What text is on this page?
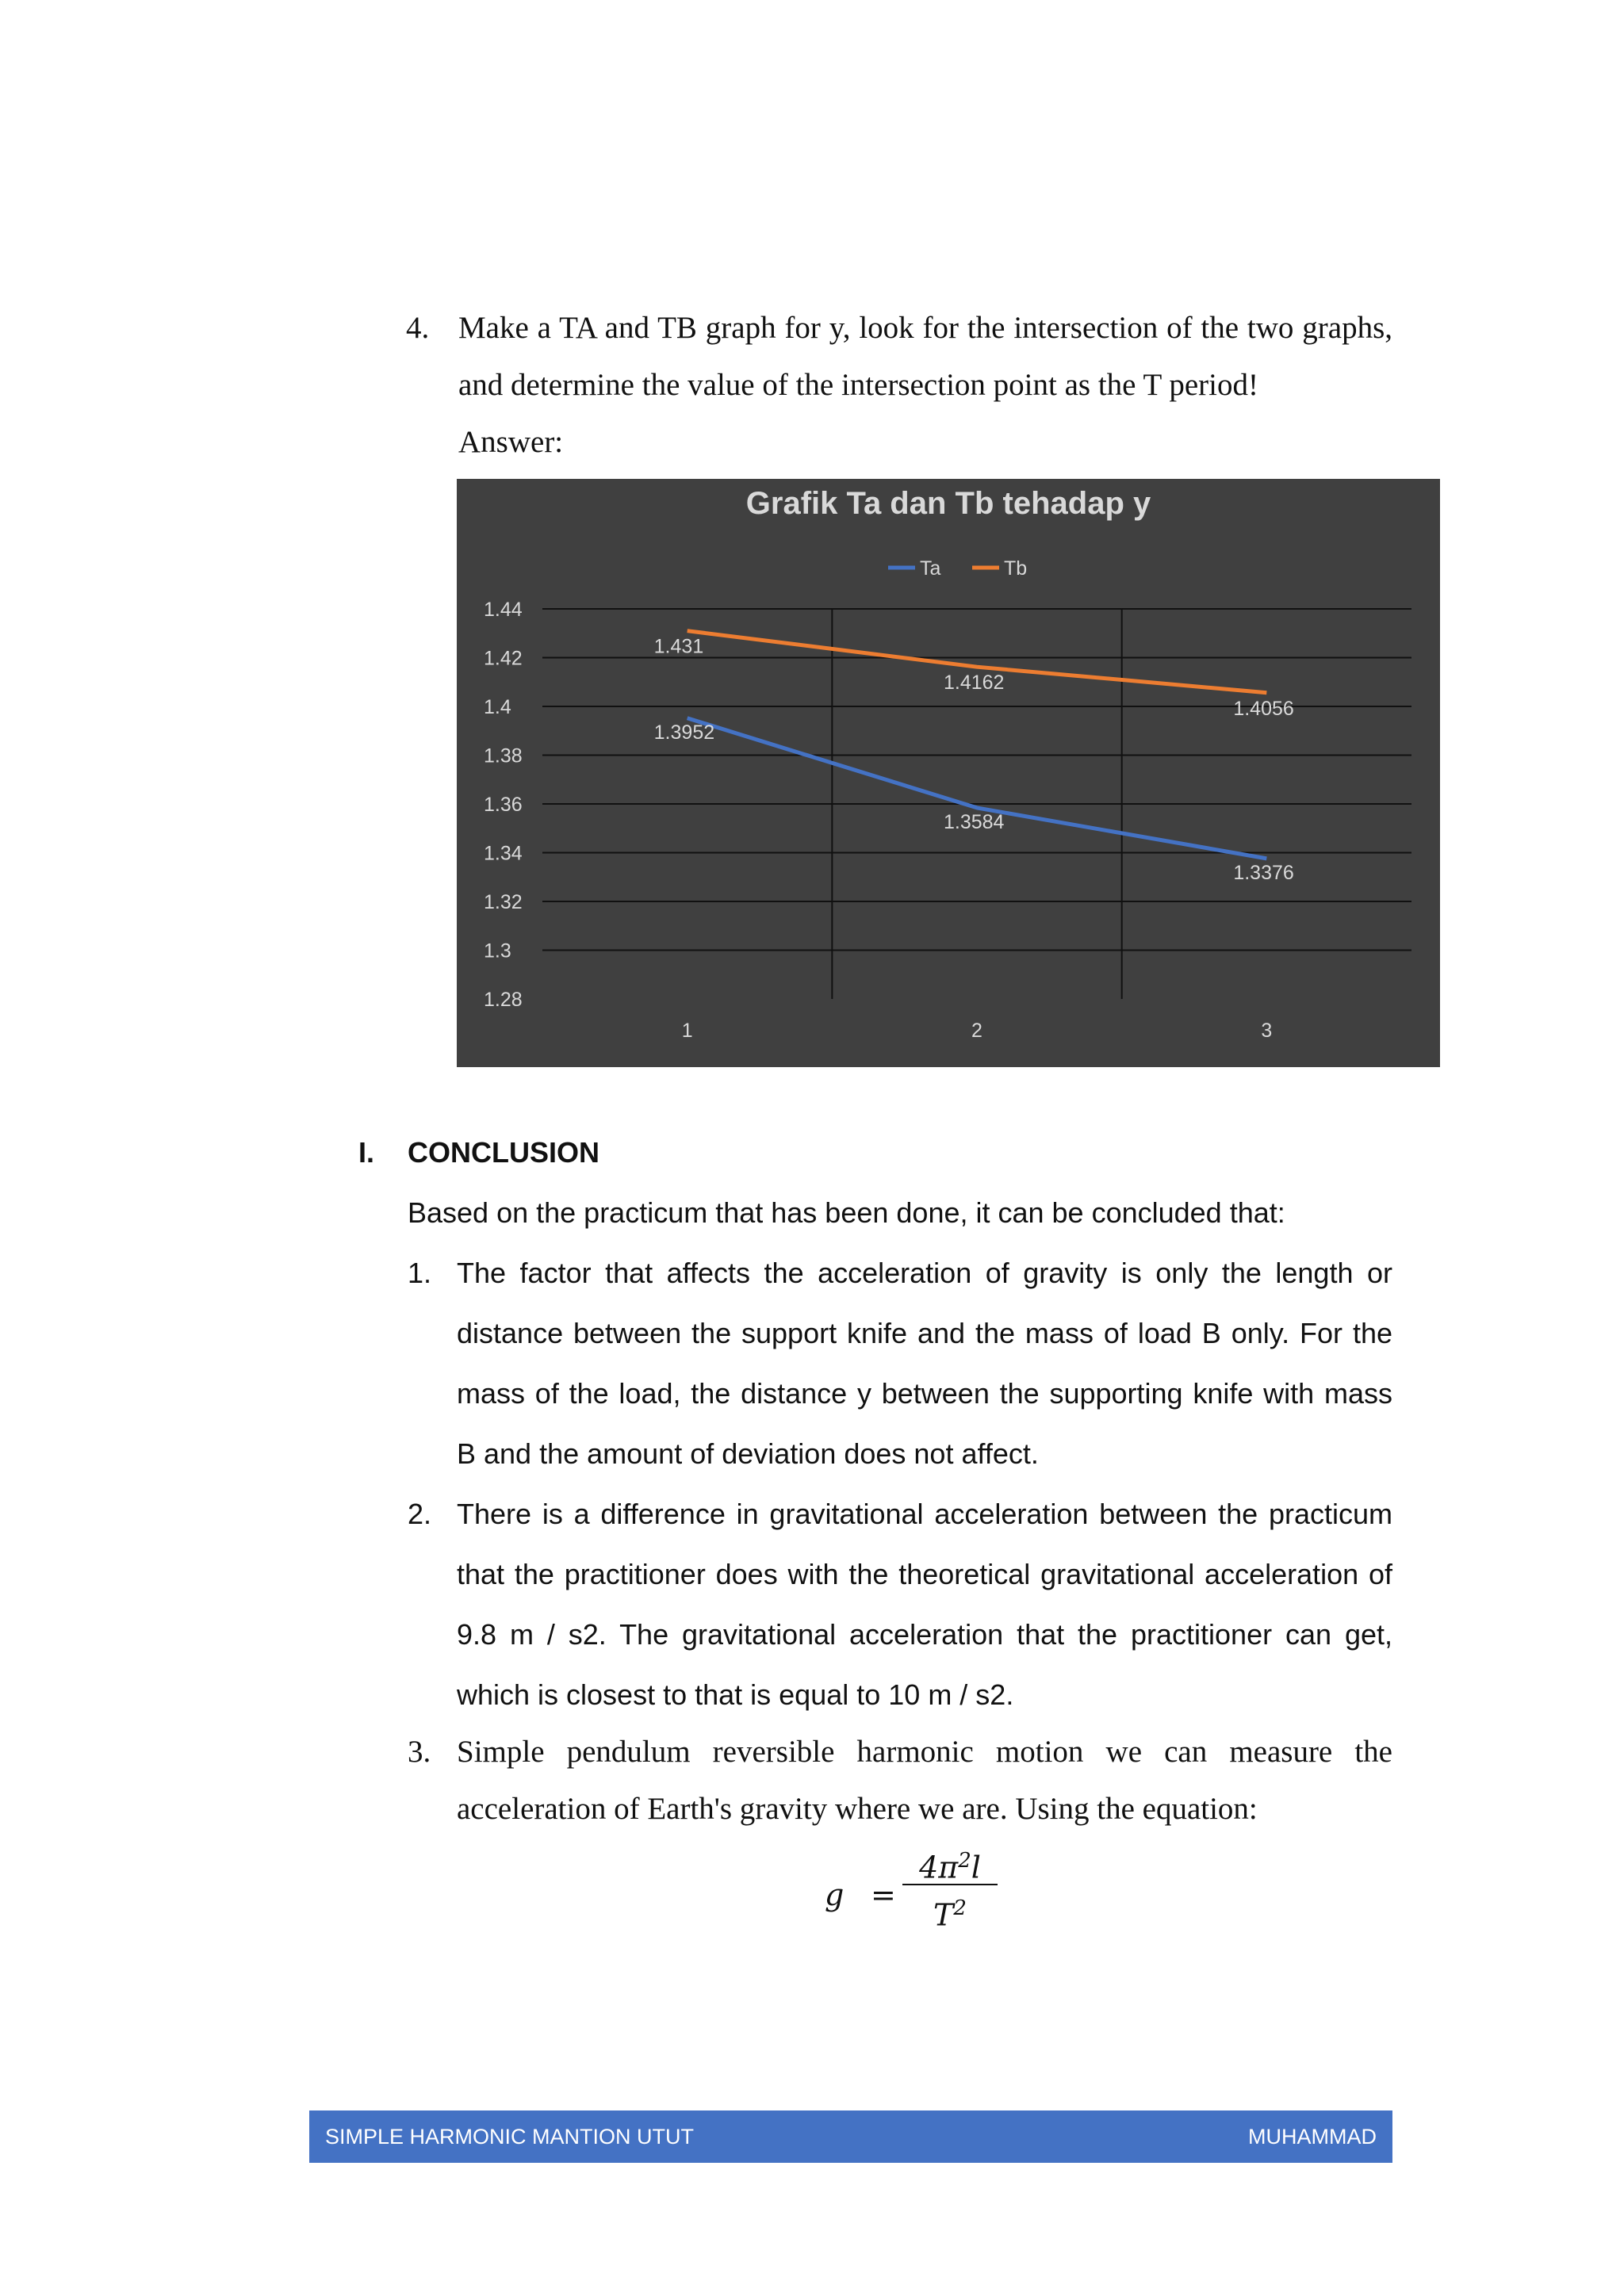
4. Make a TA and TB graph for y, look for the intersection of the two graphs, and determine the value of the intersection point as the T period!
Answer:
Grafik Ta dan Tb tehadap y
Ta	Tb
1.44
1.42
1.4
1.38
1.36
1.34
1.32
1.3
1.28
1	2	3
1.3952
1.3584
1.3376
1.431
1.4162
1.4056
I. CONCLUSION
Based on the practicum that has been done, it can be concluded that:
1. The factor that affects the acceleration of gravity is only the length or distance between the support knife and the mass of load B only. For the mass of the load, the distance y between the supporting knife with mass B and the amount of deviation does not affect.
2. There is a difference in gravitational acceleration between the practicum that the practitioner does with the theoretical gravitational acceleration of 9.8 m / s2. The gravitational acceleration that the practitioner can get, which is closest to that is equal to 10 m / s2.
3. Simple pendulum reversible harmonic motion we can measure the acceleration of Earth's gravity where we are. Using the equation:
g =
$4\pi^2l$
$T^2$
SIMPLE HARMONIC MANTION UTUT	MUHAMMAD
